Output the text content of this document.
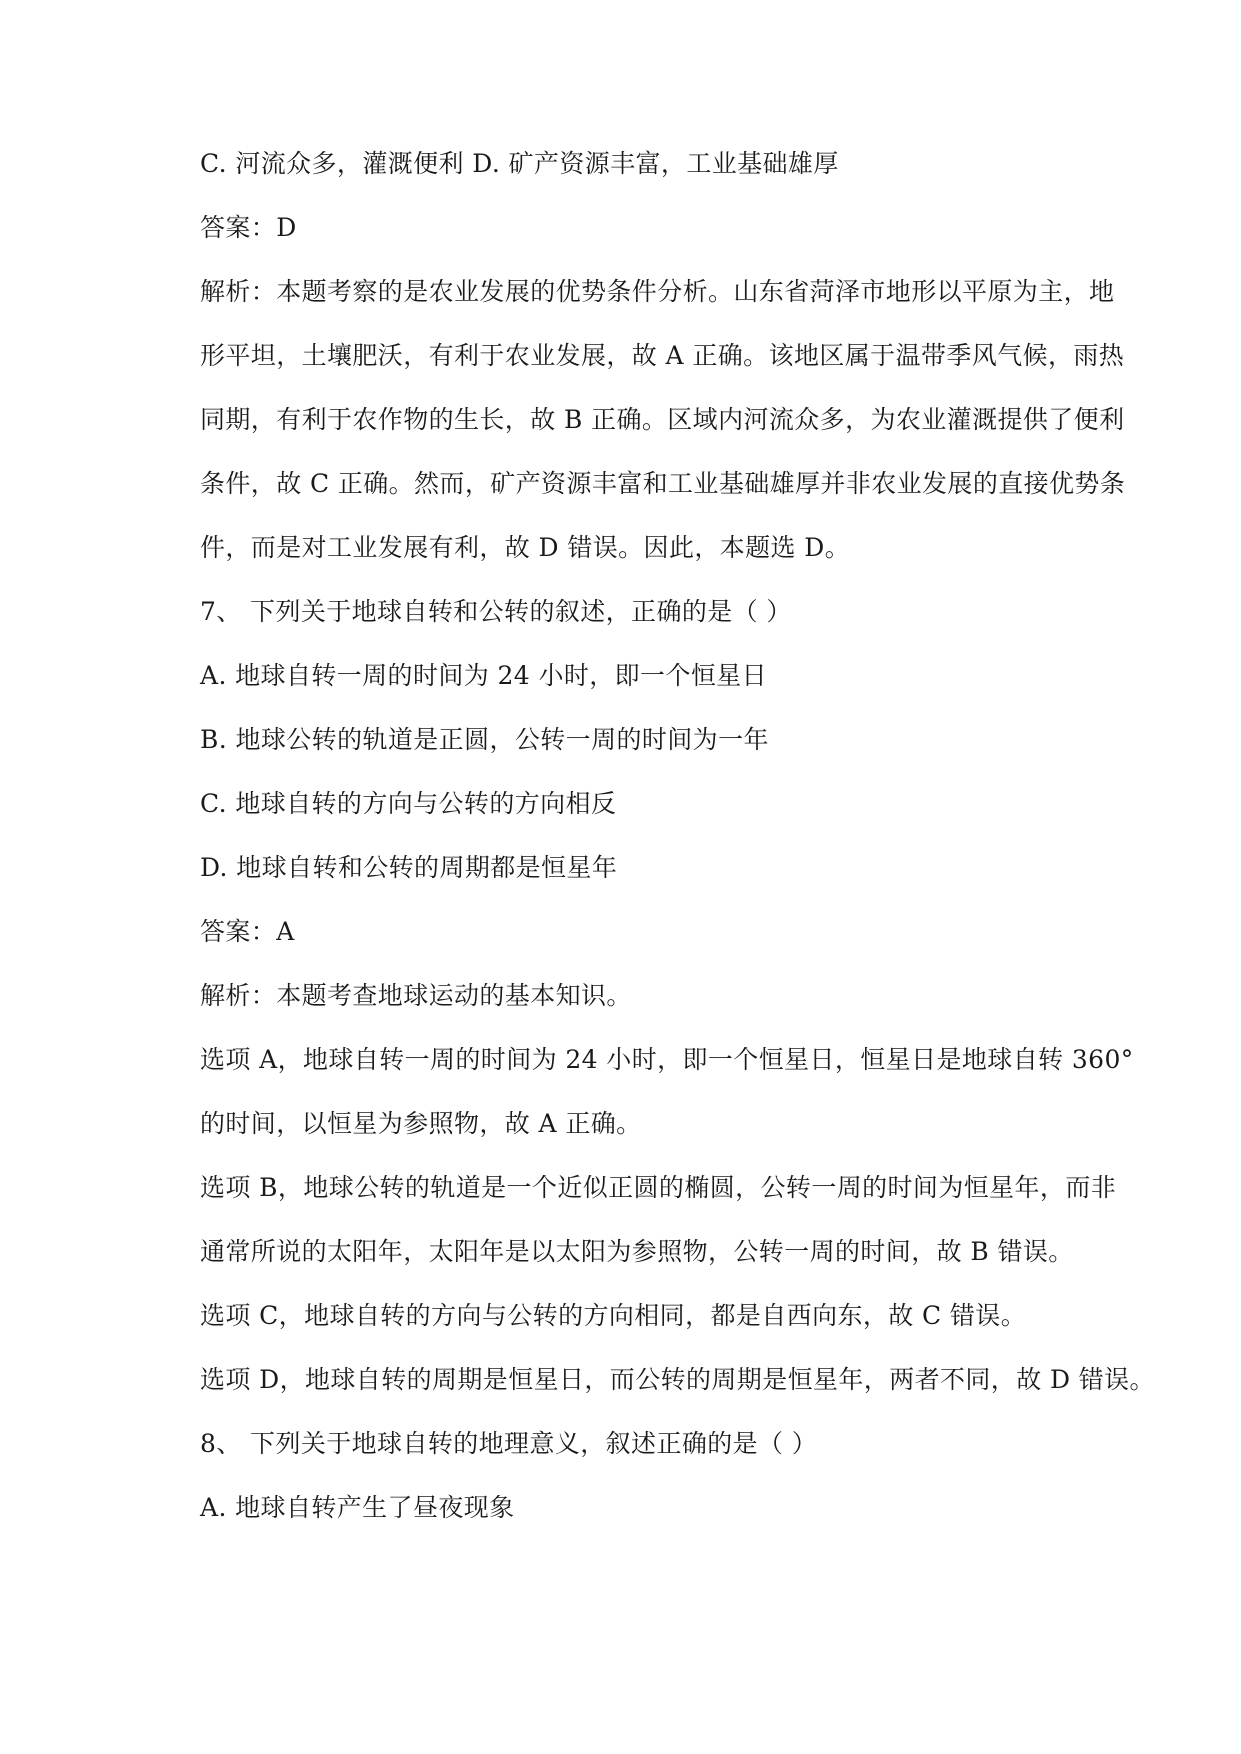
C. 河流众多，灌溉便利 D. 矿产资源丰富，工业基础雄厚
答案：D
解析：本题考察的是农业发展的优势条件分析。山东省菏泽市地形以平原为主，地
形平坦，土壤肥沃，有利于农业发展，故 A 正确。该地区属于温带季风气候，雨热
同期，有利于农作物的生长，故 B 正确。区域内河流众多，为农业灌溉提供了便利
条件，故 C 正确。然而，矿产资源丰富和工业基础雄厚并非农业发展的直接优势条
件，而是对工业发展有利，故 D 错误。因此，本题选 D。
7、 下列关于地球自转和公转的叙述，正确的是（ ）
A. 地球自转一周的时间为 24 小时，即一个恒星日
B. 地球公转的轨道是正圆，公转一周的时间为一年
C. 地球自转的方向与公转的方向相反
D. 地球自转和公转的周期都是恒星年
答案：A
解析：本题考查地球运动的基本知识。
选项 A，地球自转一周的时间为 24 小时，即一个恒星日，恒星日是地球自转 360°
的时间，以恒星为参照物，故 A 正确。
选项 B，地球公转的轨道是一个近似正圆的椭圆，公转一周的时间为恒星年，而非
通常所说的太阳年，太阳年是以太阳为参照物，公转一周的时间，故 B 错误。
选项 C，地球自转的方向与公转的方向相同，都是自西向东，故 C 错误。
选项 D，地球自转的周期是恒星日，而公转的周期是恒星年，两者不同，故 D 错误。
8、 下列关于地球自转的地理意义，叙述正确的是（ ）
A. 地球自转产生了昼夜现象
